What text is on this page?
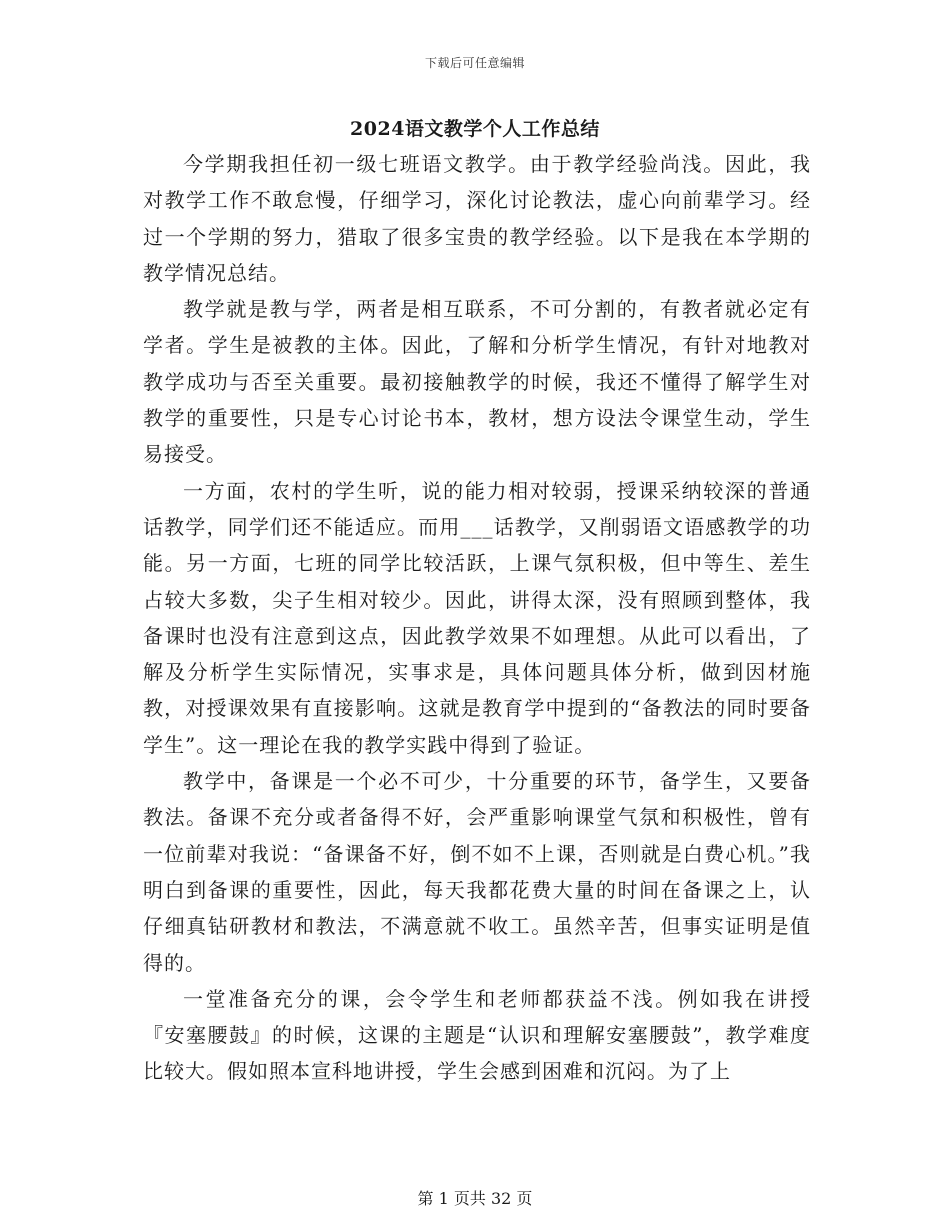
下载后可任意编辑
2024语文教学个人工作总结

今学期我担任初一级七班语文教学。由于教学经验尚浅。因此，我对教学工作不敢怠慢，仔细学习，深化讨论教法，虚心向前辈学习。经过一个学期的努力，猎取了很多宝贵的教学经验。以下是我在本学期的教学情况总结。

教学就是教与学，两者是相互联系，不可分割的，有教者就必定有学者。学生是被教的主体。因此，了解和分析学生情况，有针对地教对教学成功与否至关重要。最初接触教学的时候，我还不懂得了解学生对教学的重要性，只是专心讨论书本，教材，想方设法令课堂生动，学生易接受。

一方面，农村的学生听，说的能力相对较弱，授课采纳较深的普通话教学，同学们还不能适应。而用___话教学，又削弱语文语感教学的功能。另一方面，七班的同学比较活跃，上课气氛积极，但中等生、差生占较大多数，尖子生相对较少。因此，讲得太深，没有照顾到整体，我备课时也没有注意到这点，因此教学效果不如理想。从此可以看出，了解及分析学生实际情况，实事求是，具体问题具体分析，做到因材施教，对授课效果有直接影响。这就是教育学中提到的“备教法的同时要备学生”。这一理论在我的教学实践中得到了验证。

教学中，备课是一个必不可少，十分重要的环节，备学生，又要备教法。备课不充分或者备得不好，会严重影响课堂气氛和积极性，曾有一位前辈对我说：“备课备不好，倒不如不上课，否则就是白费心机。”我明白到备课的重要性，因此，每天我都花费大量的时间在备课之上，认仔细真钻研教材和教法，不满意就不收工。虽然辛苦，但事实证明是值得的。

一堂准备充分的课，会令学生和老师都获益不浅。例如我在讲授『安塞腰鼓』的时候，这课的主题是“认识和理解安塞腰鼓”，教学难度比较大。假如照本宣科地讲授，学生会感到困难和沉闷。为了上

第 1 页共 32 页
